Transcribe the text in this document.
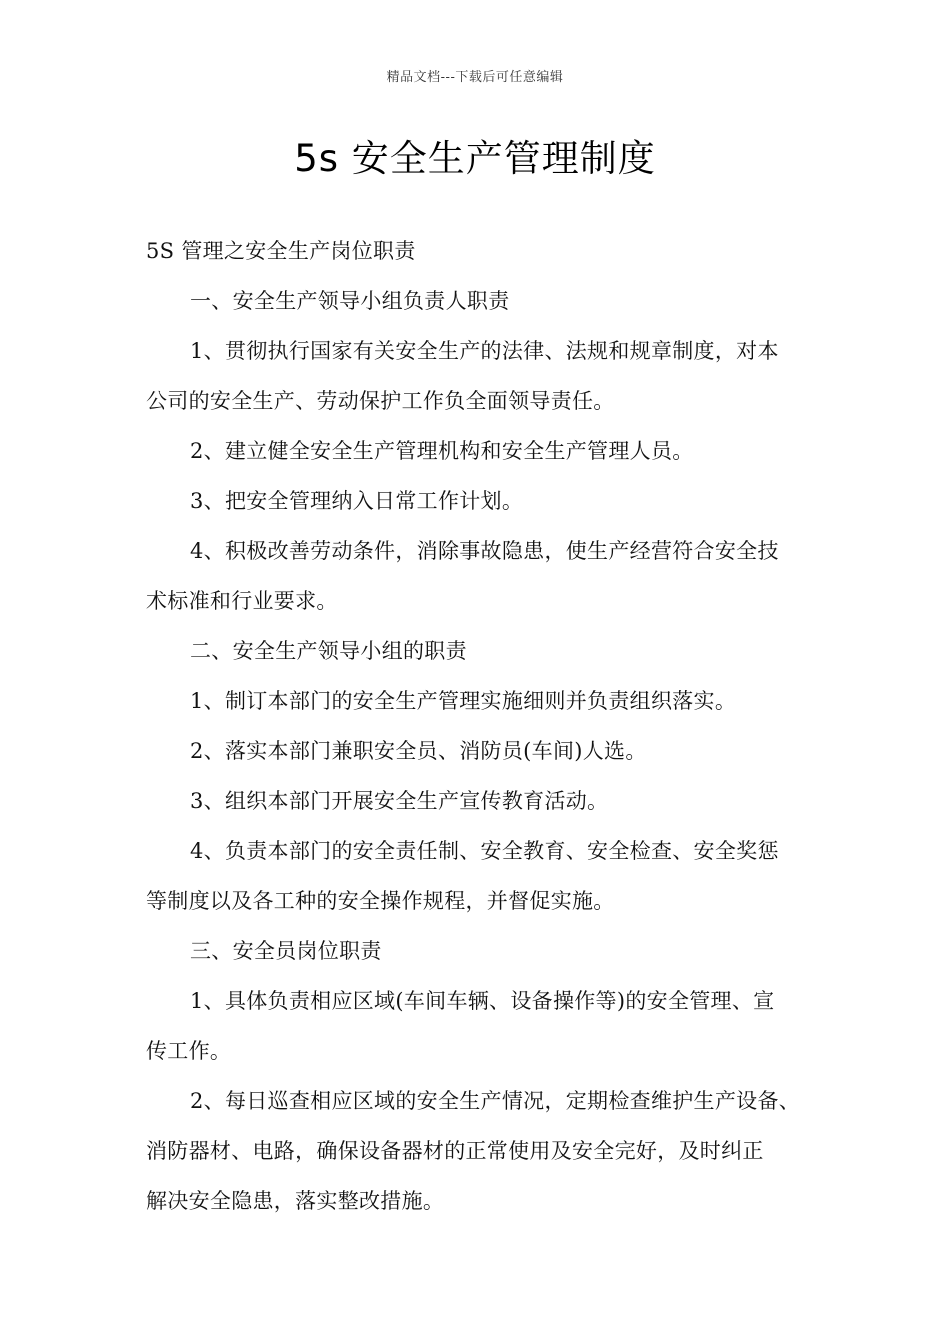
精品文档---下载后可任意编辑
5s 安全生产管理制度
5S 管理之安全生产岗位职责
一、安全生产领导小组负责人职责
1、贯彻执行国家有关安全生产的法律、法规和规章制度，对本
公司的安全生产、劳动保护工作负全面领导责任。
2、建立健全安全生产管理机构和安全生产管理人员。
3、把安全管理纳入日常工作计划。
4、积极改善劳动条件，消除事故隐患，使生产经营符合安全技
术标准和行业要求。
二、安全生产领导小组的职责
1、制订本部门的安全生产管理实施细则并负责组织落实。
2、落实本部门兼职安全员、消防员(车间)人选。
3、组织本部门开展安全生产宣传教育活动。
4、负责本部门的安全责任制、安全教育、安全检查、安全奖惩
等制度以及各工种的安全操作规程，并督促实施。
三、安全员岗位职责
1、具体负责相应区域(车间车辆、设备操作等)的安全管理、宣
传工作。
2、每日巡查相应区域的安全生产情况，定期检查维护生产设备、
消防器材、电路，确保设备器材的正常使用及安全完好，及时纠正
解决安全隐患，落实整改措施。
